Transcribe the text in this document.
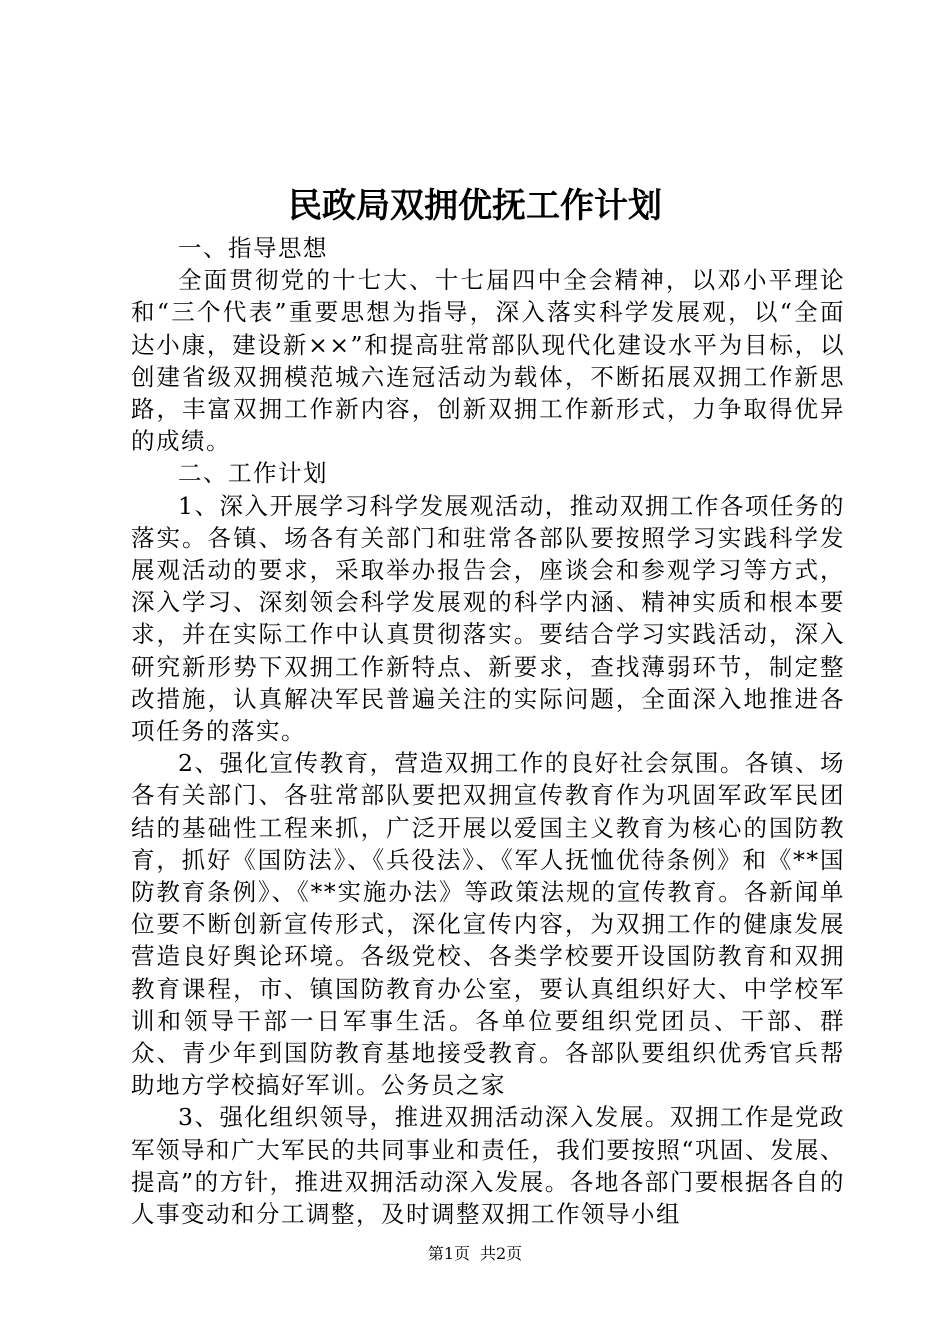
民政局双拥优抚工作计划

一、指导思想

全面贯彻党的十七大、十七届四中全会精神，以邓小平理论和“三个代表”重要思想为指导，深入落实科学发展观，以“全面达小康，建设新××”和提高驻常部队现代化建设水平为目标，以创建省级双拥模范城六连冠活动为载体，不断拓展双拥工作新思路，丰富双拥工作新内容，创新双拥工作新形式，力争取得优异的成绩。

二、工作计划

1、深入开展学习科学发展观活动，推动双拥工作各项任务的落实。各镇、场各有关部门和驻常各部队要按照学习实践科学发展观活动的要求，采取举办报告会，座谈会和参观学习等方式，深入学习、深刻领会科学发展观的科学内涵、精神实质和根本要求，并在实际工作中认真贯彻落实。要结合学习实践活动，深入研究新形势下双拥工作新特点、新要求，查找薄弱环节，制定整改措施，认真解决军民普遍关注的实际问题，全面深入地推进各项任务的落实。

2、强化宣传教育，营造双拥工作的良好社会氛围。各镇、场各有关部门、各驻常部队要把双拥宣传教育作为巩固军政军民团结的基础性工程来抓，广泛开展以爱国主义教育为核心的国防教育，抓好《国防法》、《兵役法》、《军人抚恤优待条例》和《**国防教育条例》、《**实施办法》等政策法规的宣传教育。各新闻单位要不断创新宣传形式，深化宣传内容，为双拥工作的健康发展营造良好舆论环境。各级党校、各类学校要开设国防教育和双拥教育课程，市、镇国防教育办公室，要认真组织好大、中学校军训和领导干部一日军事生活。各单位要组织党团员、干部、群众、青少年到国防教育基地接受教育。各部队要组织优秀官兵帮助地方学校搞好军训。公务员之家

3、强化组织领导，推进双拥活动深入发展。双拥工作是党政军领导和广大军民的共同事业和责任，我们要按照“巩固、发展、提高”的方针，推进双拥活动深入发展。各地各部门要根据各自的人事变动和分工调整，及时调整双拥工作领导小组

第1页 共2页
